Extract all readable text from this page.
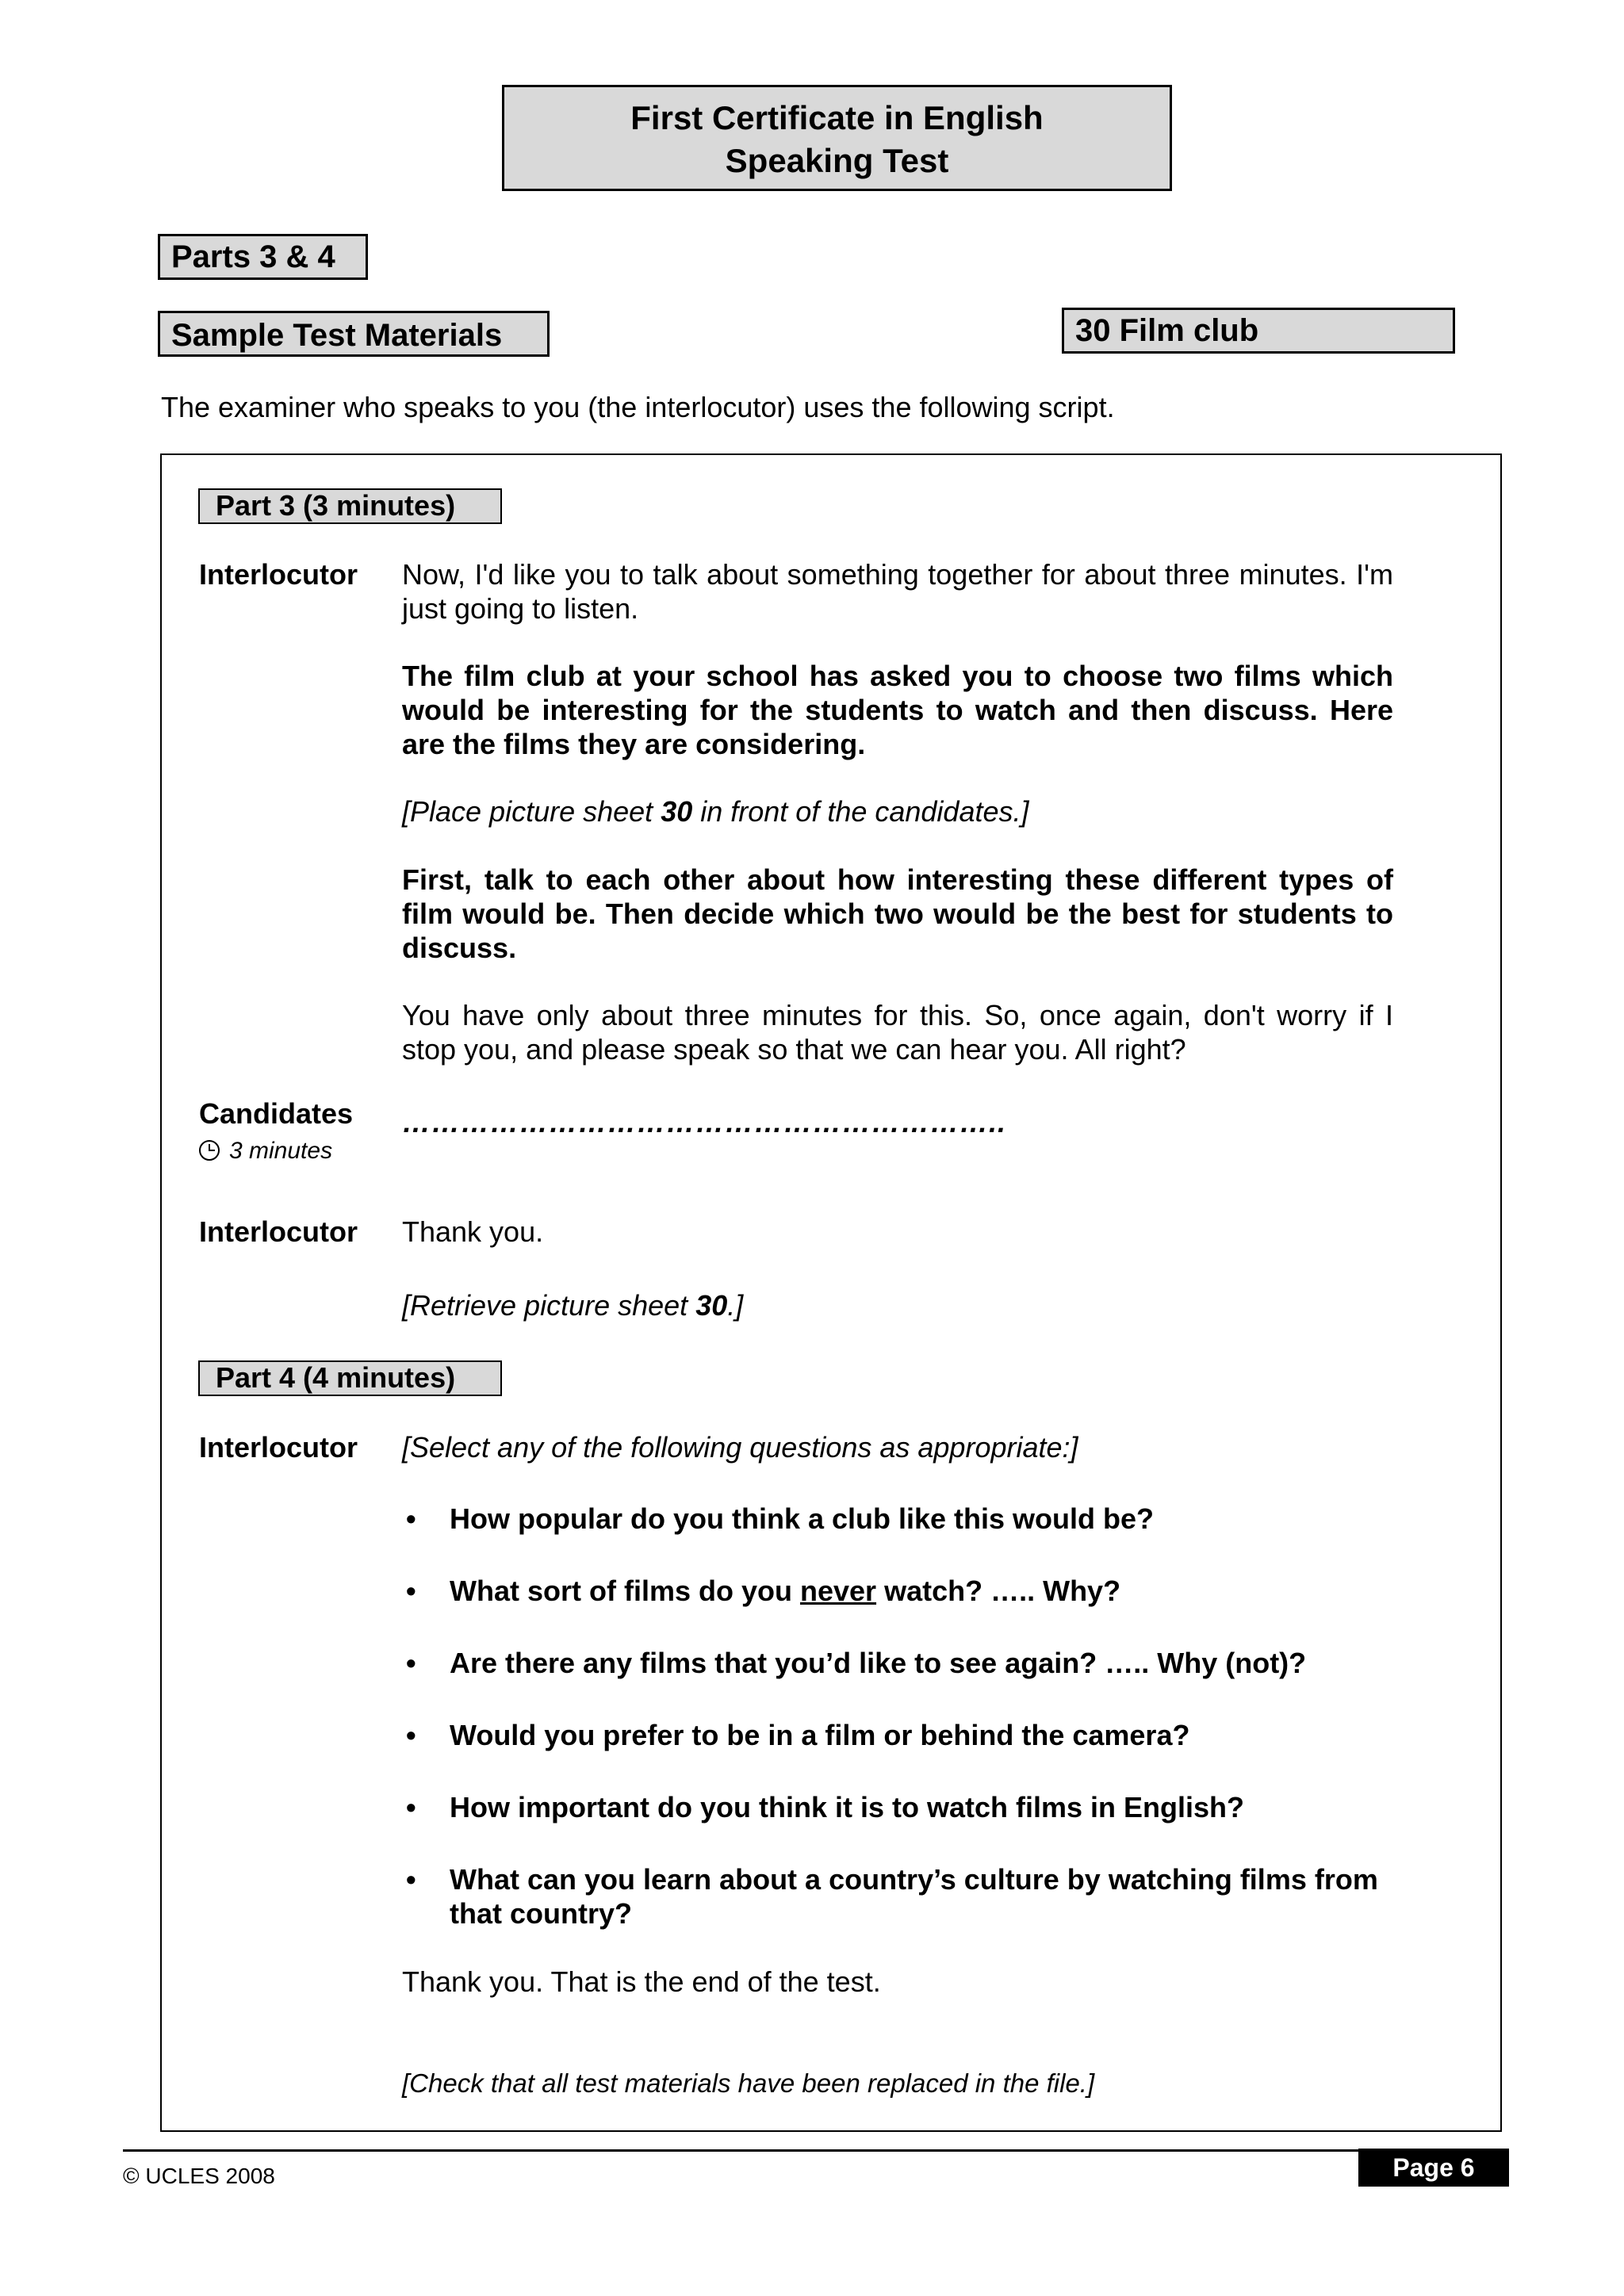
First Certificate in English
Speaking Test
Parts 3 & 4
Sample Test Materials	30 Film club
The examiner who speaks to you (the interlocutor) uses the following script.
Part 3 (3 minutes)
Interlocutor Now, I'd like you to talk about something together for about three minutes. I'm just going to listen.
The film club at your school has asked you to choose two films which would be interesting for the students to watch and then discuss. Here are the films they are considering.
[Place picture sheet 30 in front of the candidates.]
First, talk to each other about how interesting these different types of film would be. Then decide which two would be the best for students to discuss.
You have only about three minutes for this. So, once again, don't worry if I stop you, and please speak so that we can hear you. All right?
Candidates
3 minutes
……………………………………………………..
Interlocutor Thank you.
[Retrieve picture sheet 30.]
Part 4 (4 minutes)
Interlocutor [Select any of the following questions as appropriate:]
• How popular do you think a club like this would be?
• What sort of films do you never watch? ….. Why?
• Are there any films that you’d like to see again? ….. Why (not)?
• Would you prefer to be in a film or behind the camera?
• How important do you think it is to watch films in English?
• What can you learn about a country’s culture by watching films from that country?
Thank you. That is the end of the test.
[Check that all test materials have been replaced in the file.]
© UCLES 2008	Page 6
